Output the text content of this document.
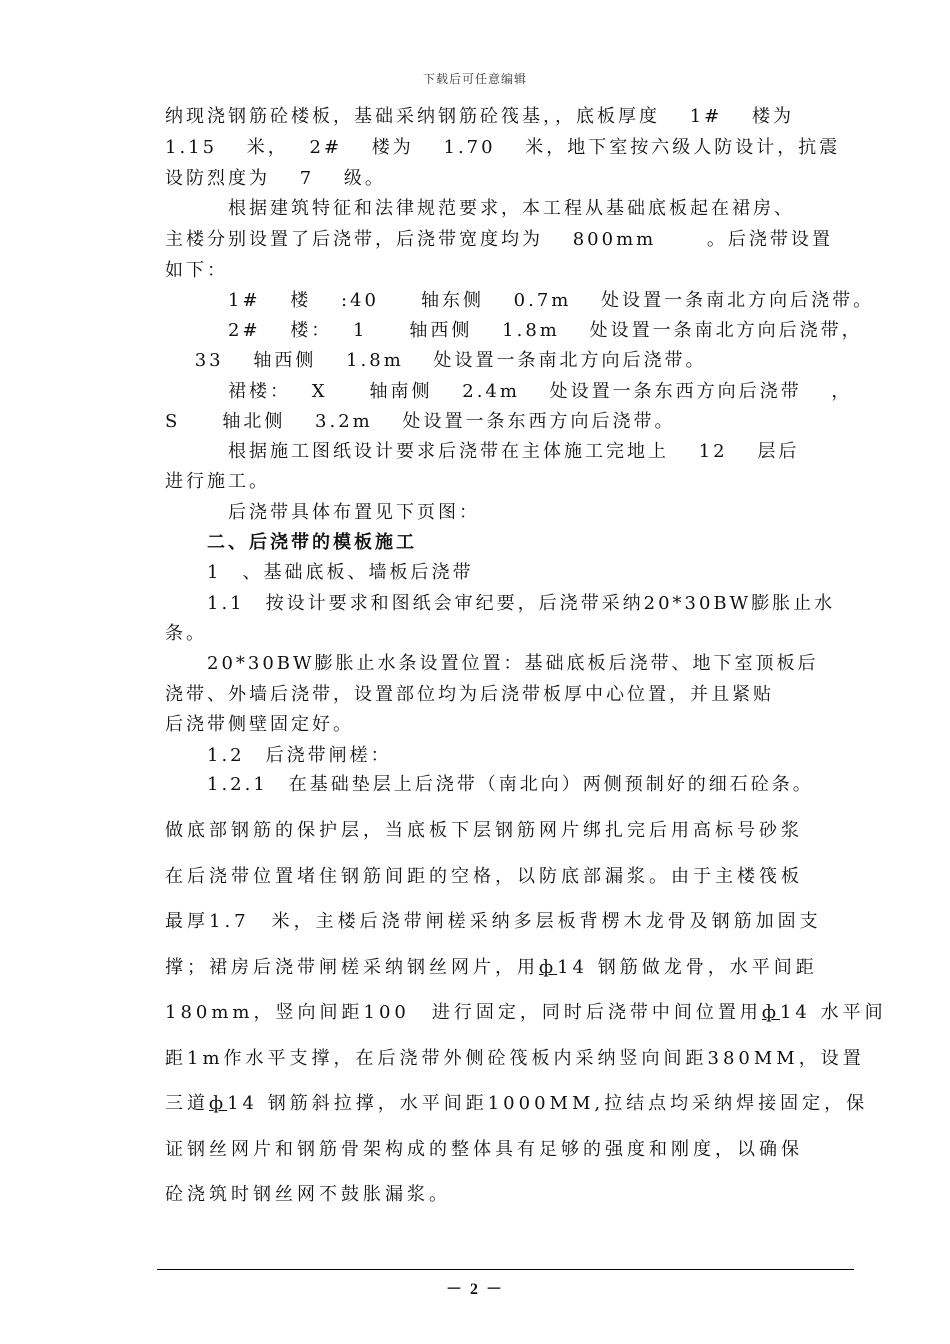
下载后可任意编辑
纳现浇钢筋砼楼板，基础采纳钢筋砼筏基，，底板厚度　 1#　 楼为
1.15　 米，　 2#　 楼为　 1.70　 米，地下室按六级人防设计，抗震
设防烈度为　 7　 级。
　　　根据建筑特征和法律规范要求，本工程从基础底板起在裙房、
主楼分别设置了后浇带，后浇带宽度均为　 800mm　　 。后浇带设置
如下：
　　　1#　 楼　 :40　　轴东侧　 0.7m　 处设置一条南北方向后浇带。
　　　2#　 楼：　 1　　轴西侧　 1.8m　 处设置一条南北方向后浇带，
　 33　 轴西侧　 1.8m　 处设置一条南北方向后浇带。
　　　裙楼：　 X　　轴南侧　 2.4m　 处设置一条东西方向后浇带　 ，
S　　轴北侧　 3.2m　 处设置一条东西方向后浇带。
　　　根据施工图纸设计要求后浇带在主体施工完地上　 12　 层后
进行施工。
　　　后浇带具体布置见下页图：
　　二、后浇带的模板施工
　　1　、基础底板、墙板后浇带
　　1.1　按设计要求和图纸会审纪要，后浇带采纳20*30BW膨胀止水
条。
　　20*30BW膨胀止水条设置位置：基础底板后浇带、地下室顶板后
浇带、外墙后浇带，设置部位均为后浇带板厚中心位置，并且紧贴
后浇带侧壁固定好。
　　1.2　后浇带闸槎：
　　1.2.1　在基础垫层上后浇带（南北向）两侧预制好的细石砼条。
做底部钢筋的保护层，当底板下层钢筋网片绑扎完后用高标号砂浆
在后浇带位置堵住钢筋间距的空格，以防底部漏浆。由于主楼筏板
最厚1.7　米，主楼后浇带闸槎采纳多层板背楞木龙骨及钢筋加固支
撑；裙房后浇带闸槎采纳钢丝网片，用ф14 钢筋做龙骨，水平间距
180mm，竖向间距100　进行固定，同时后浇带中间位置用ф14 水平间
距1m作水平支撑，在后浇带外侧砼筏板内采纳竖向间距380MM，设置
三道ф14 钢筋斜拉撑，水平间距1000MM,拉结点均采纳焊接固定，保
证钢丝网片和钢筋骨架构成的整体具有足够的强度和刚度，以确保
砼浇筑时钢丝网不鼓胀漏浆。
－ 2 －
